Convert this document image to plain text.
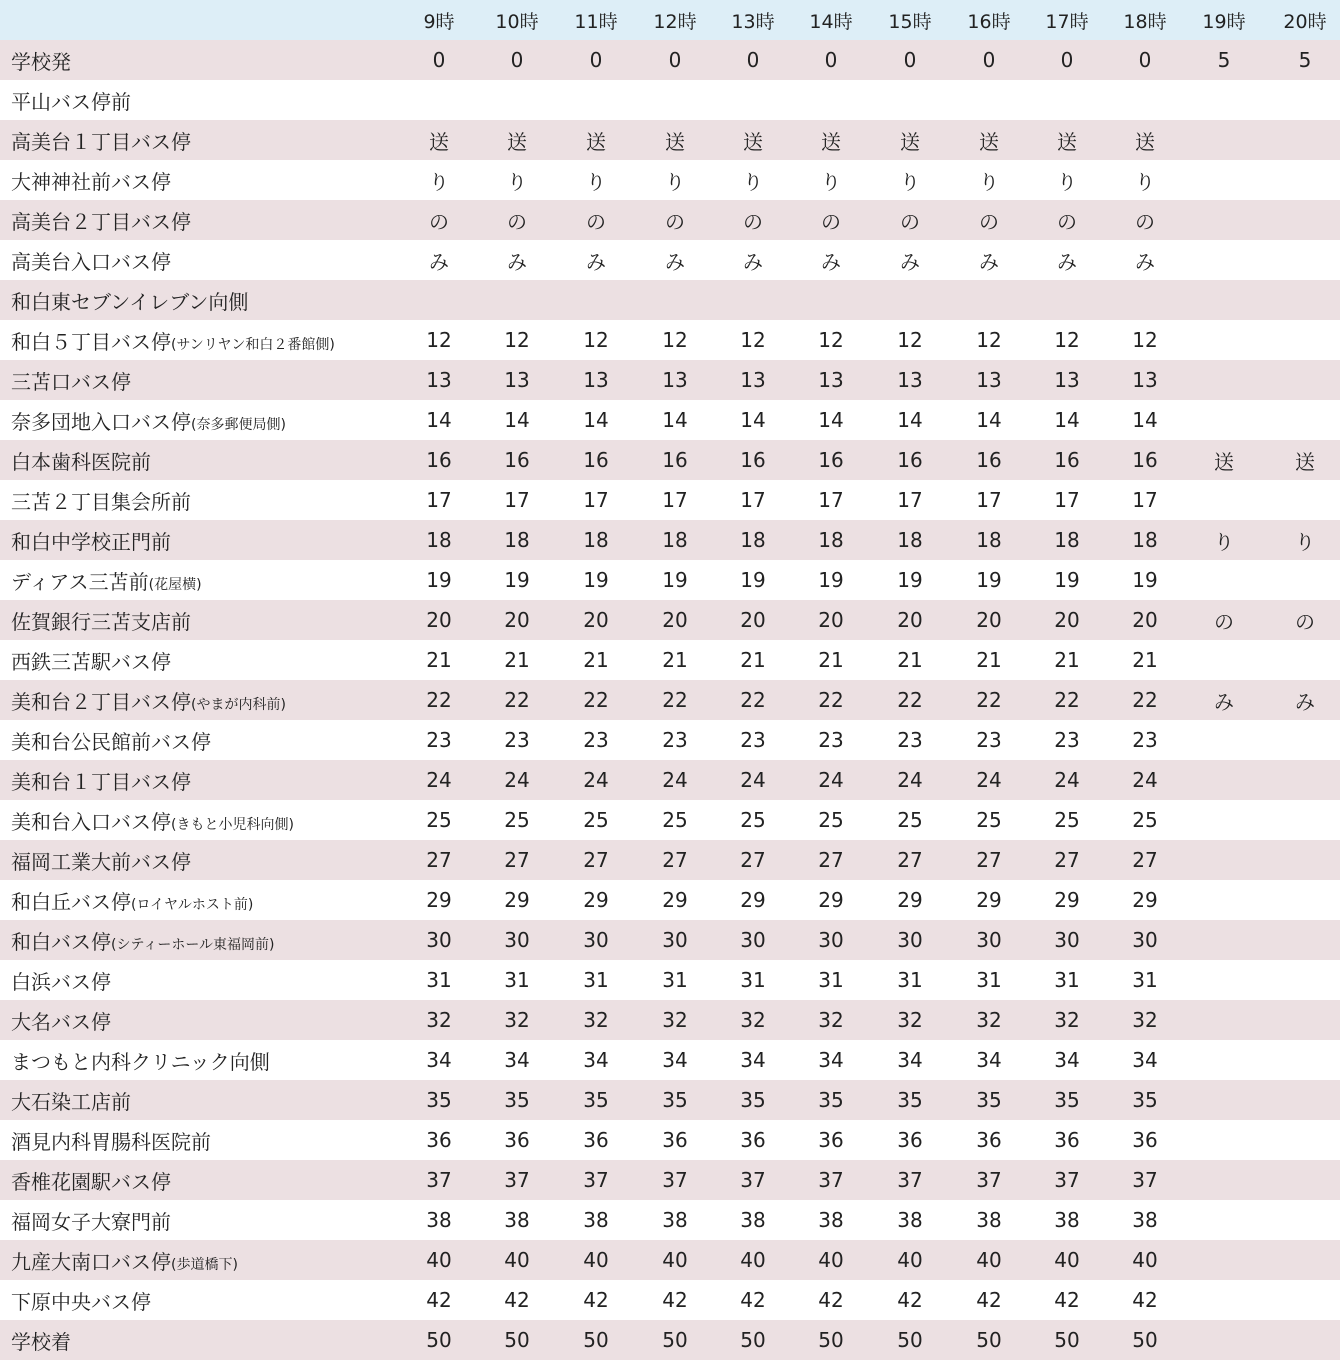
	9時	10時	11時	12時	13時	14時	15時	16時	17時	18時	19時	20時
学校発	0	0	0	0	0	0	0	0	0	0	5	5
平山バス停前												
高美台１丁目バス停	送	送	送	送	送	送	送	送	送	送		
大神神社前バス停	り	り	り	り	り	り	り	り	り	り		
高美台２丁目バス停	の	の	の	の	の	の	の	の	の	の		
高美台入口バス停	み	み	み	み	み	み	み	み	み	み		
和白東セブンイレブン向側												
和白５丁目バス停(サンリヤン和白２番館側)	12	12	12	12	12	12	12	12	12	12		
三苫口バス停	13	13	13	13	13	13	13	13	13	13		
奈多団地入口バス停(奈多郵便局側)	14	14	14	14	14	14	14	14	14	14		
白本歯科医院前	16	16	16	16	16	16	16	16	16	16	送	送
三苫２丁目集会所前	17	17	17	17	17	17	17	17	17	17		
和白中学校正門前	18	18	18	18	18	18	18	18	18	18	り	り
ディアス三苫前(花屋横)	19	19	19	19	19	19	19	19	19	19		
佐賀銀行三苫支店前	20	20	20	20	20	20	20	20	20	20	の	の
西鉄三苫駅バス停	21	21	21	21	21	21	21	21	21	21		
美和台２丁目バス停(やまが内科前)	22	22	22	22	22	22	22	22	22	22	み	み
美和台公民館前バス停	23	23	23	23	23	23	23	23	23	23		
美和台１丁目バス停	24	24	24	24	24	24	24	24	24	24		
美和台入口バス停(きもと小児科向側)	25	25	25	25	25	25	25	25	25	25		
福岡工業大前バス停	27	27	27	27	27	27	27	27	27	27		
和白丘バス停(ロイヤルホスト前)	29	29	29	29	29	29	29	29	29	29		
和白バス停(シティーホール東福岡前)	30	30	30	30	30	30	30	30	30	30		
白浜バス停	31	31	31	31	31	31	31	31	31	31		
大名バス停	32	32	32	32	32	32	32	32	32	32		
まつもと内科クリニック向側	34	34	34	34	34	34	34	34	34	34		
大石染工店前	35	35	35	35	35	35	35	35	35	35		
酒見内科胃腸科医院前	36	36	36	36	36	36	36	36	36	36		
香椎花園駅バス停	37	37	37	37	37	37	37	37	37	37		
福岡女子大寮門前	38	38	38	38	38	38	38	38	38	38		
九産大南口バス停(歩道橋下)	40	40	40	40	40	40	40	40	40	40		
下原中央バス停	42	42	42	42	42	42	42	42	42	42		
学校着	50	50	50	50	50	50	50	50	50	50		
